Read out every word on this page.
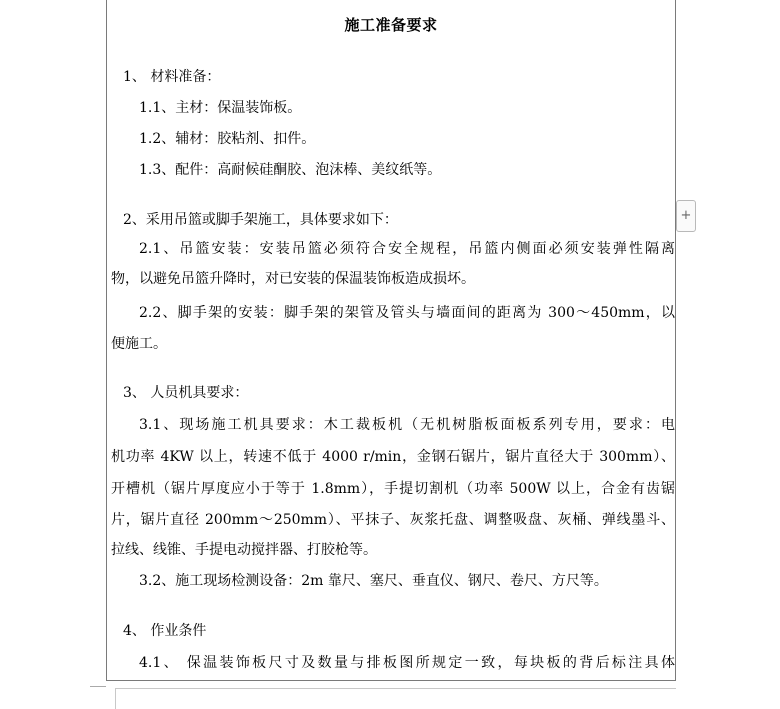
施工准备要求
1、 材料准备：
1.1、主材：保温装饰板。
1.2、辅材：胶粘剂、扣件。
1.3、配件：高耐候硅酮胶、泡沫棒、美纹纸等。
2、采用吊篮或脚手架施工，具体要求如下：
2.1、吊篮安装：安装吊篮必须符合安全规程，吊篮内侧面必须安装弹性隔离
物，以避免吊篮升降时，对已安装的保温装饰板造成损坏。
2.2、脚手架的安装：脚手架的架管及管头与墙面间的距离为 300～450mm，以
便施工。
3、 人员机具要求：
3.1、现场施工机具要求：木工裁板机（无机树脂板面板系列专用，要求：电
机功率 4KW 以上，转速不低于 4000 r/min，金钢石锯片，锯片直径大于 300mm）、
开槽机（锯片厚度应小于等于 1.8mm），手提切割机（功率 500W 以上，合金有齿锯
片，锯片直径 200mm～250mm）、平抹子、灰浆托盘、调整吸盘、灰桶、弹线墨斗、
拉线、线锥、手提电动搅拌器、打胶枪等。
3.2、施工现场检测设备：2m 靠尺、塞尺、垂直仪、钢尺、卷尺、方尺等。
4、 作业条件
4.1、 保温装饰板尺寸及数量与排板图所规定一致，每块板的背后标注具体
+
